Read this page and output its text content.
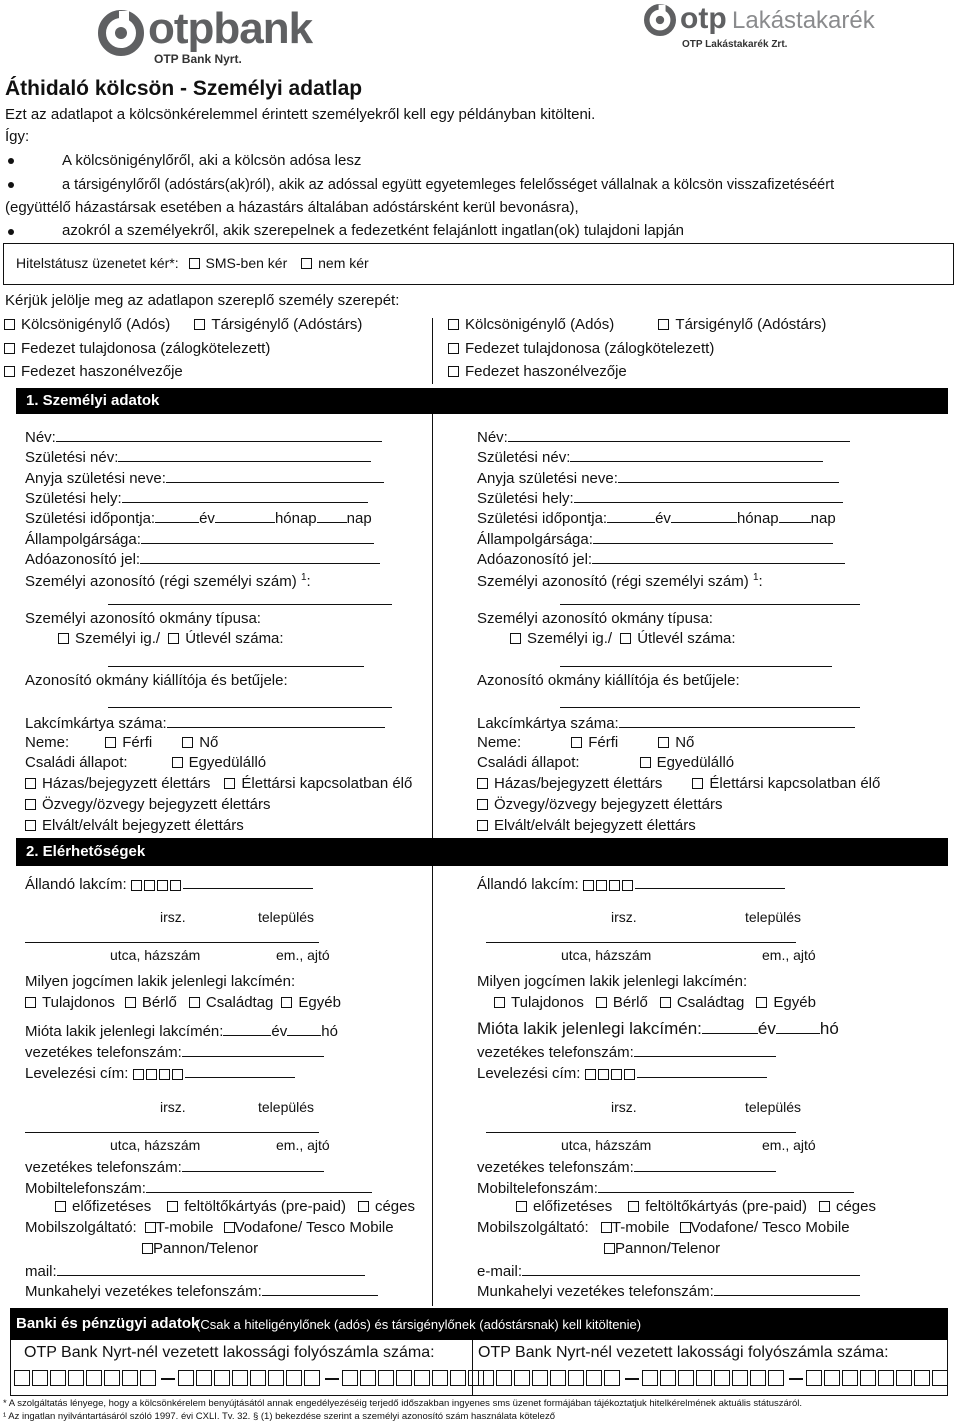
otpbank
OTP Bank Nyrt.
otp Lakástakarék
OTP Lakástakarék Zrt.
Áthidaló kölcsön - Személyi adatlap
Ezt az adatlapot a kölcsönkérelemmel érintett személyekről kell egy példányban kitölteni.
Így:
A kölcsönigénylőről, aki a kölcsön adósa lesz
a társigénylőről (adóstárs(ak)ról), akik az adóssal együtt egyetemleges felelősséget vállalnak a kölcsön visszafizetéséért
(együttélő házastársak esetében a házastárs általában adóstársként kerül bevonásra),
azokról a személyekről, akik szerepelnek a fedezetként felajánlott ingatlan(ok) tulajdoni lapján
Hitelstátusz üzenetet kér*: SMS-ben kér nem kér
Kérjük jelölje meg az adatlapon szereplő személy szerepét:
Kölcsönigénylő (Adós)	Társigénylő (Adóstárs)
Fedezet tulajdonosa (zálogkötelezett)
Fedezet haszonélvezője
Kölcsönigénylő (Adós)	Társigénylő (Adóstárs)
Fedezet tulajdonosa (zálogkötelezett)
Fedezet haszonélvezője
1. Személyi adatok
Név:
Születési név:
Anyja születési neve:
Születési hely:
Születési időpontja:	év	hónap nap
Állampolgársága:
Adóazonosító jel:
Személyi azonosító (régi személyi szám) $^1$:
Személyi azonosító okmány típusa:
Személyi ig./ Útlevél száma:
Azonosító okmány kiállítója és betűjele:
Lakcímkártya száma:
Neme:	Férfi	Nő
Családi állapot:	Egyedülálló
Házas/bejegyzett élettárs Élettársi kapcsolatban élő
Özvegy/özvegy bejegyzett élettárs
Elvált/elvált bejegyzett élettárs
Név:
Születési név:
Anyja születési neve:
Születési hely:
Születési időpontja:	év	hónap nap
Állampolgársága:
Adóazonosító jel:
Személyi azonosító (régi személyi szám) $^1$:
Személyi azonosító okmány típusa:
Személyi ig./ Útlevél száma:
Azonosító okmány kiállítója és betűjele:
Lakcímkártya száma:
Neme:	Férfi	Nő
Családi állapot:	Egyedülálló
Házas/bejegyzett élettárs	Élettársi kapcsolatban élő
Özvegy/özvegy bejegyzett élettárs
Elvált/elvált bejegyzett élettárs
2. Elérhetőségek
Állandó lakcím:
irsz.	település
utca, házszám	em., ajtó
Milyen jogcímen lakik jelenlegi lakcímén:
Tulajdonos Bérlő Családtag Egyéb
Mióta lakik jelenlegi lakcímén:	év hó
vezetékes telefonszám:
Levelezési cím:
irsz.	település
utca, házszám	em., ajtó
vezetékes telefonszám:
Mobiltelefonszám:
előfizetéses feltöltőkártyás (pre-paid) céges
Mobilszolgáltató: T-mobile Vodafone/ Tesco Mobile
Pannon/Telenor
mail:
Munkahelyi vezetékes telefonszám:
Állandó lakcím:
irsz.	település
utca, házszám	em., ajtó
Milyen jogcímen lakik jelenlegi lakcímén:
Tulajdonos Bérlő Családtag Egyéb
Mióta lakik jelenlegi lakcímén:	év	hó
vezetékes telefonszám:
Levelezési cím:
irsz.	település
utca, házszám	em., ajtó
vezetékes telefonszám:
Mobiltelefonszám:
előfizetéses feltöltőkártyás (pre-paid) céges
Mobilszolgáltató: T-mobile Vodafone/ Tesco Mobile
Pannon/Telenor
e-mail:
Munkahelyi vezetékes telefonszám:
Banki és pénzügyi adatok
(Csak a hiteligénylőnek (adós) és társigénylőnek (adóstársnak) kell kitöltenie)
OTP Bank Nyrt-nél vezetett lakossági folyószámla száma:	OTP Bank Nyrt-nél vezetett lakossági folyószámla száma:
* A szolgáltatás lényege, hogy a kölcsönkérelem benyújtásától annak engedélyezéséig terjedő időszakban ingyenes sms üzenet formájában tájékoztatjuk hitelkérelmének aktuális státuszáról.
¹ Az ingatlan nyilvántartásáról szóló 1997. évi CXLI. Tv. 32. § (1) bekezdése szerint a személyi azonosító szám használata kötelező
